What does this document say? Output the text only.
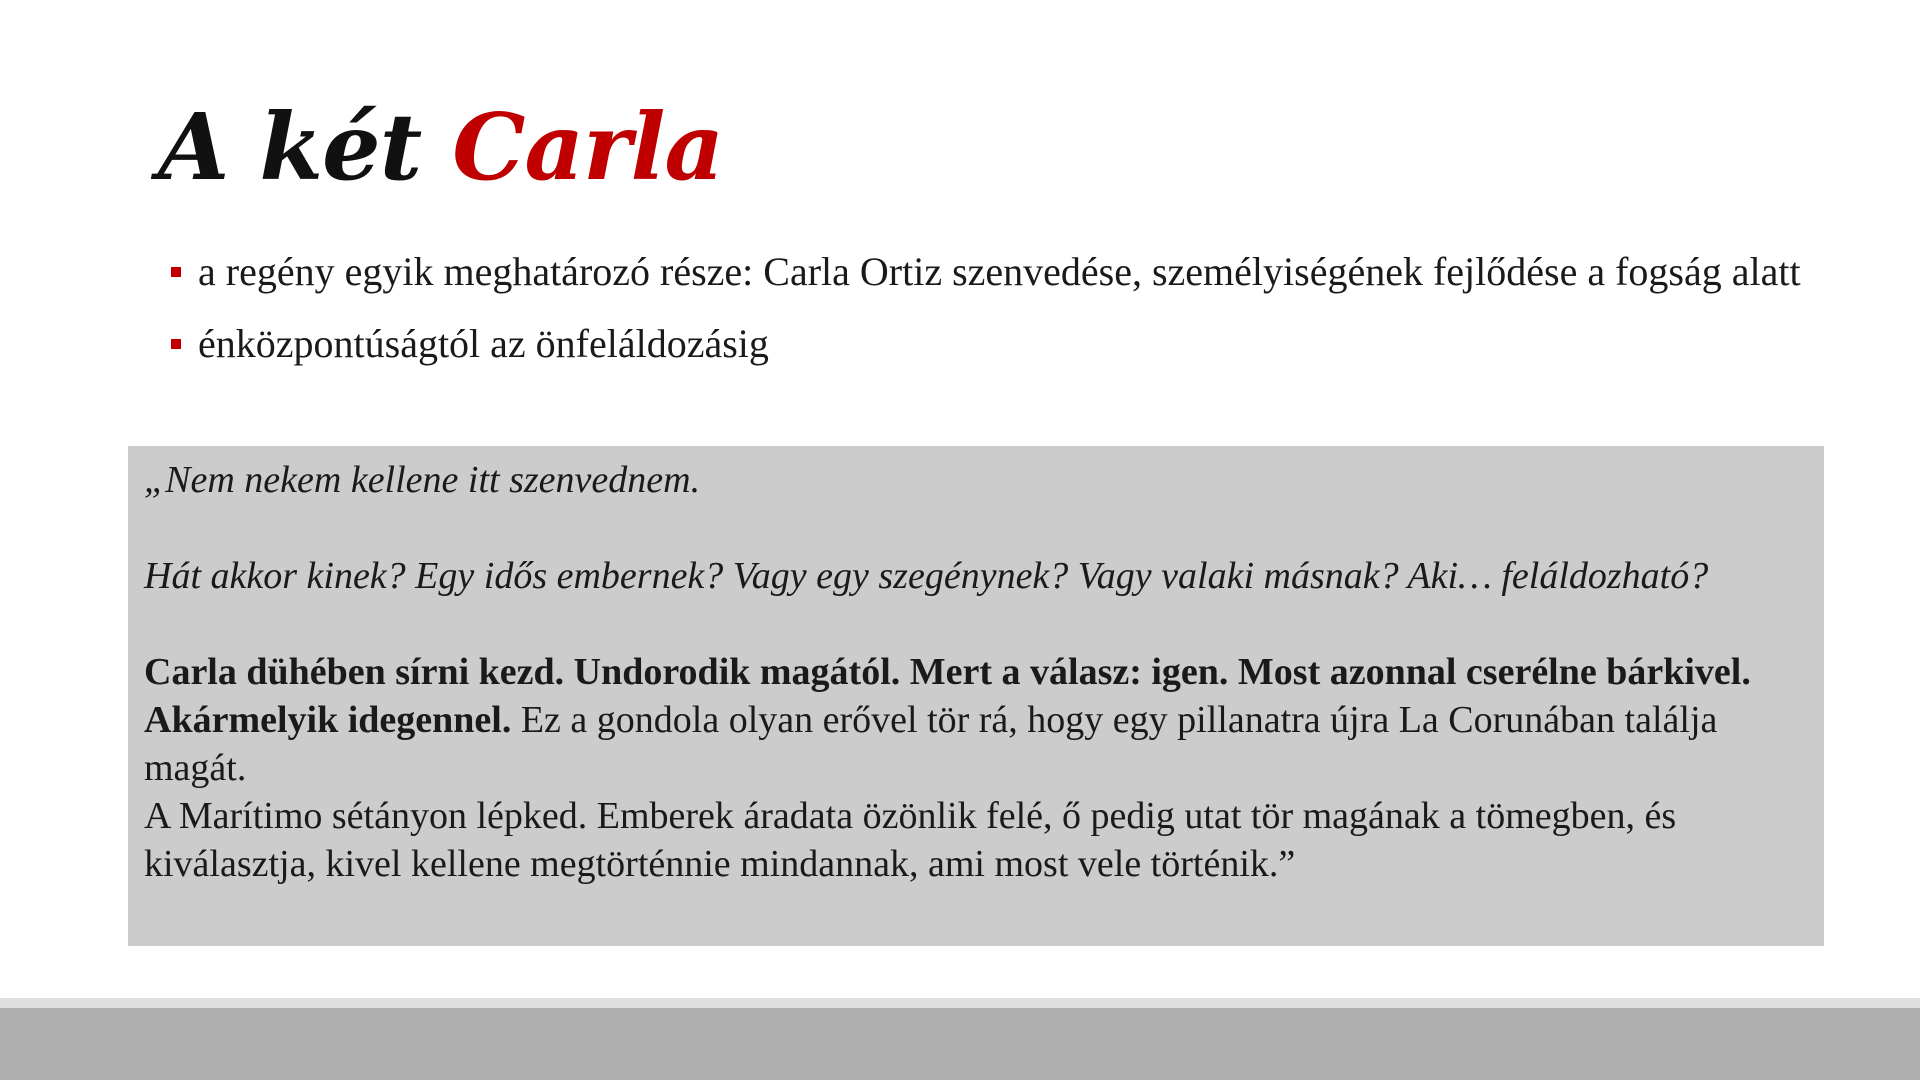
A két Carla
a regény egyik meghatározó része: Carla Ortiz szenvedése, személyiségének fejlődése a fogság alatt
énközpontúságtól az önfeláldozásig

„Nem nekem kellene itt szenvednem.

Hát akkor kinek? Egy idős embernek? Vagy egy szegénynek? Vagy valaki másnak? Aki… feláldozható?

Carla dühében sírni kezd. Undorodik magától. Mert a válasz: igen. Most azonnal cserélne bárkivel. Akármelyik idegennel. Ez a gondola olyan erővel tör rá, hogy egy pillanatra újra La Corunában találja magát.

A Marítimo sétányon lépked. Emberek áradata özönlik felé, ő pedig utat tör magának a tömegben, és kiválasztja, kivel kellene megtörténnie mindannak, ami most vele történik.”
